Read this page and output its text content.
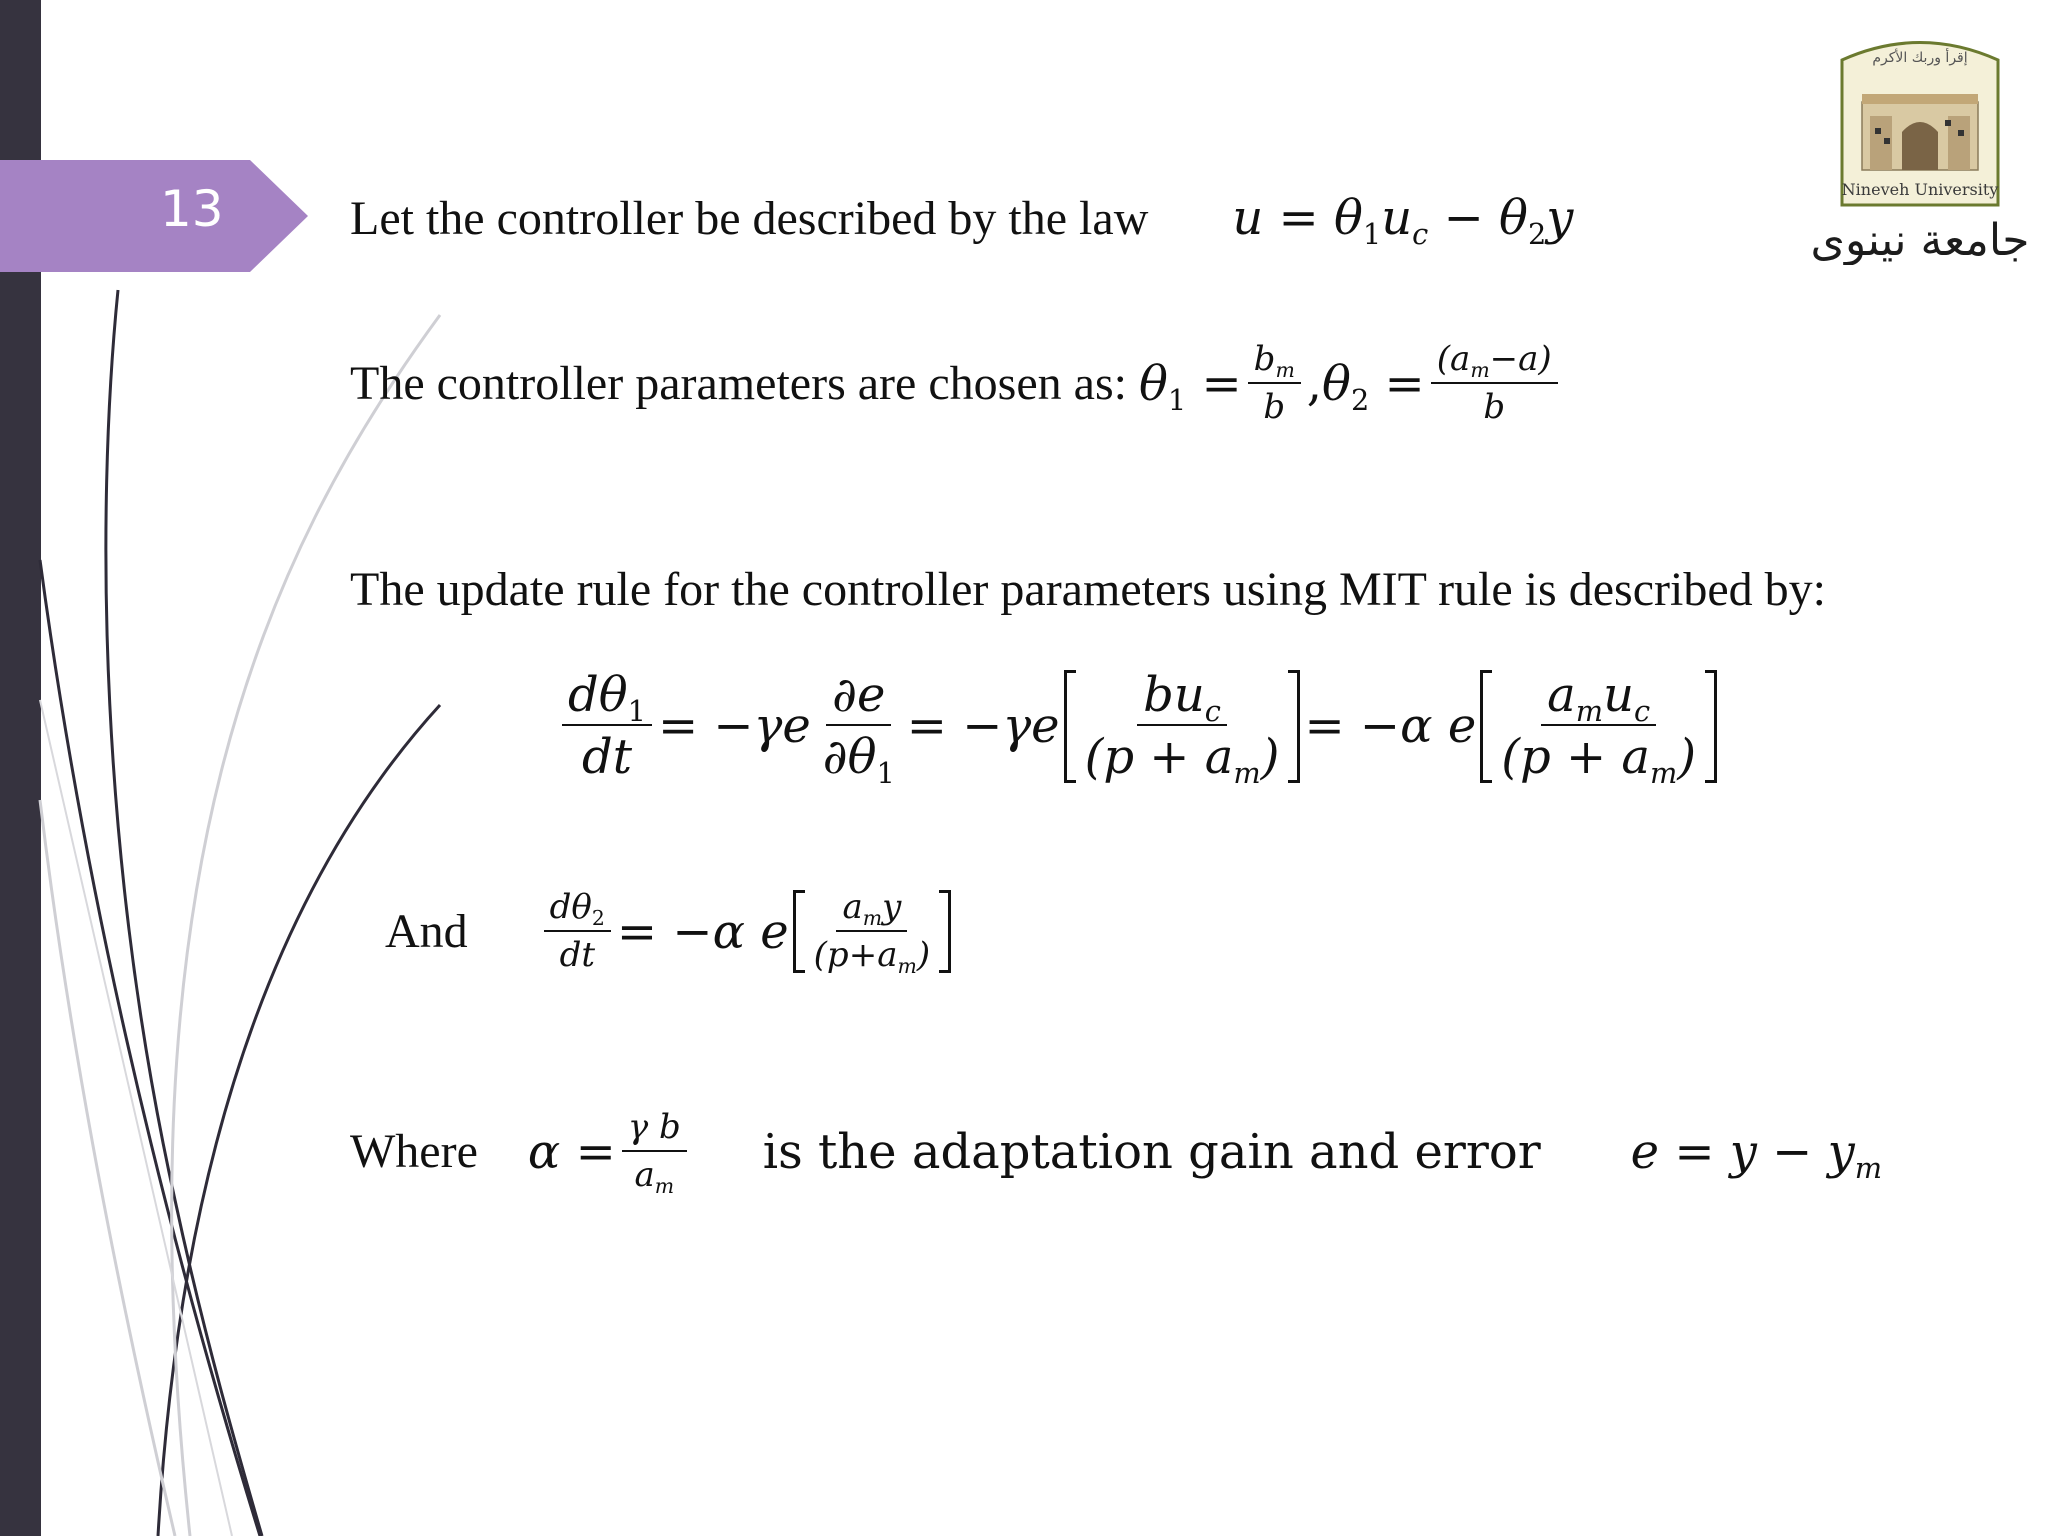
13
إقرأ وربك الأكرم
Nineveh University
جامعة نينوى
Let the controller be described by the law $u = \theta_1u_c - \theta_2y$
The controller parameters are chosen as: $\theta_1 = \frac{b_m}{b}$ , $\theta_2 = \frac{(a_m-a)}{b}$
The update rule for the controller parameters using MIT rule is described by:
$\frac{d\theta_1}{dt} = -\gamma e \frac{\partial e}{\partial\theta_1} = -\gamma e \frac{bu_c}{(p + a_m)} = -\alpha$ e $\frac{a_mu_c}{(p + a_m)}$
And $\frac{d\theta_2}{dt} = -\alpha$ e $\frac{a_my}{(p+a_m)}$
Where $\alpha = \frac{\text{γ b}}{a_m}$ is the adaptation gain and error $e = y - y_m$
